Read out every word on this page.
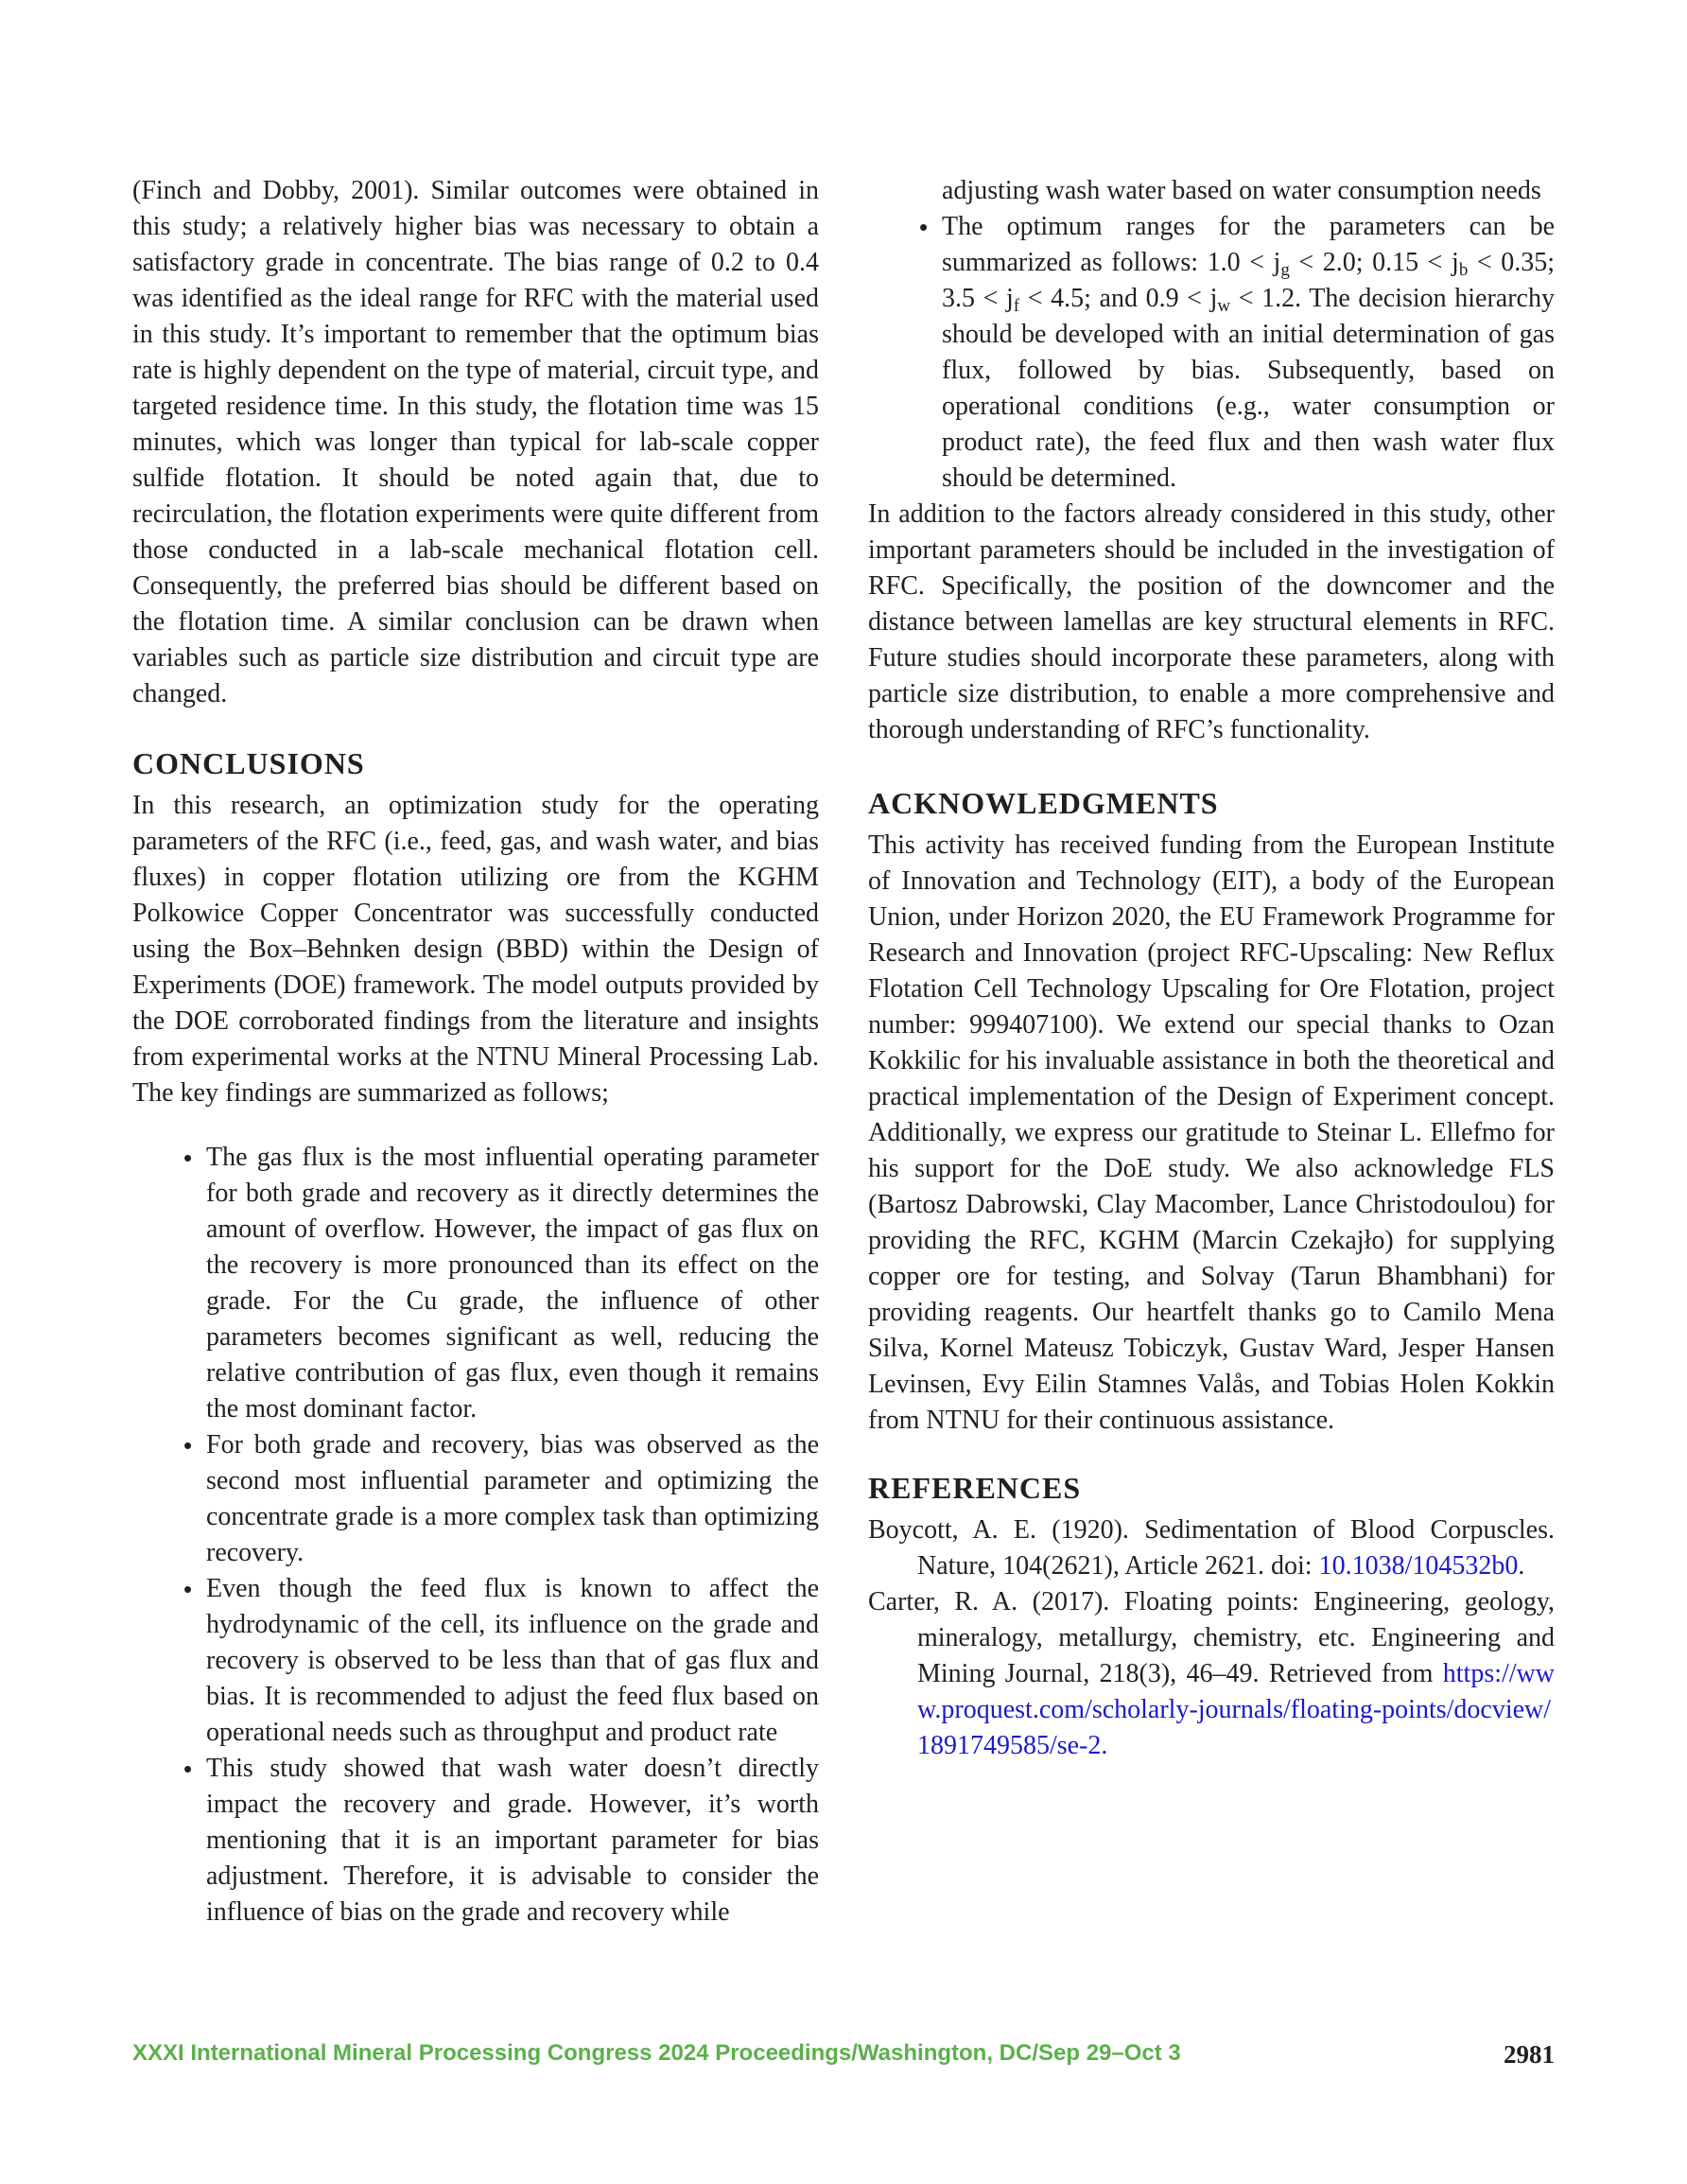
(Finch and Dobby, 2001). Similar outcomes were obtained in this study; a relatively higher bias was necessary to obtain a satisfactory grade in concentrate. The bias range of 0.2 to 0.4 was identified as the ideal range for RFC with the material used in this study. It’s important to remember that the optimum bias rate is highly dependent on the type of material, circuit type, and targeted residence time. In this study, the flotation time was 15 minutes, which was longer than typical for lab-scale copper sulfide flotation. It should be noted again that, due to recirculation, the flotation experiments were quite different from those conducted in a lab-scale mechanical flotation cell. Consequently, the preferred bias should be different based on the flotation time. A similar conclusion can be drawn when variables such as particle size distribution and circuit type are changed.

CONCLUSIONS

In this research, an optimization study for the operating parameters of the RFC (i.e., feed, gas, and wash water, and bias fluxes) in copper flotation utilizing ore from the KGHM Polkowice Copper Concentrator was successfully conducted using the Box–Behnken design (BBD) within the Design of Experiments (DOE) framework. The model outputs provided by the DOE corroborated findings from the literature and insights from experimental works at the NTNU Mineral Processing Lab. The key findings are summarized as follows;

• The gas flux is the most influential operating parameter for both grade and recovery as it directly determines the amount of overflow. However, the impact of gas flux on the recovery is more pronounced than its effect on the grade. For the Cu grade, the influence of other parameters becomes significant as well, reducing the relative contribution of gas flux, even though it remains the most dominant factor.
• For both grade and recovery, bias was observed as the second most influential parameter and optimizing the concentrate grade is a more complex task than optimizing recovery.
• Even though the feed flux is known to affect the hydrodynamic of the cell, its influence on the grade and recovery is observed to be less than that of gas flux and bias. It is recommended to adjust the feed flux based on operational needs such as throughput and product rate
• This study showed that wash water doesn’t directly impact the recovery and grade. However, it’s worth mentioning that it is an important parameter for bias adjustment. Therefore, it is advisable to consider the influence of bias on the grade and recovery while

adjusting wash water based on water consumption needs

• The optimum ranges for the parameters can be summarized as follows: $1.0 < j_g < 2.0$; $0.15 < j_b < 0.35$; $3.5 < j_f < 4.5$; and $0.9 < j_w < 1.2$. The decision hierarchy should be developed with an initial determination of gas flux, followed by bias. Subsequently, based on operational conditions (e.g., water consumption or product rate), the feed flux and then wash water flux should be determined.

In addition to the factors already considered in this study, other important parameters should be included in the investigation of RFC. Specifically, the position of the downcomer and the distance between lamellas are key structural elements in RFC. Future studies should incorporate these parameters, along with particle size distribution, to enable a more comprehensive and thorough understanding of RFC’s functionality.

ACKNOWLEDGMENTS

This activity has received funding from the European Institute of Innovation and Technology (EIT), a body of the European Union, under Horizon 2020, the EU Framework Programme for Research and Innovation (project RFC-Upscaling: New Reflux Flotation Cell Technology Upscaling for Ore Flotation, project number: 999407100). We extend our special thanks to Ozan Kokkilic for his invaluable assistance in both the theoretical and practical implementation of the Design of Experiment concept. Additionally, we express our gratitude to Steinar L. Ellefmo for his support for the DoE study. We also acknowledge FLS (Bartosz Dabrowski, Clay Macomber, Lance Christodoulou) for providing the RFC, KGHM (Marcin Czekajło) for supplying copper ore for testing, and Solvay (Tarun Bhambhani) for providing reagents. Our heartfelt thanks go to Camilo Mena Silva, Kornel Mateusz Tobiczyk, Gustav Ward, Jesper Hansen Levinsen, Evy Eilin Stamnes Valås, and Tobias Holen Kokkin from NTNU for their continuous assistance.

REFERENCES

Boycott, A. E. (1920). Sedimentation of Blood Corpuscles. Nature, 104(2621), Article 2621. doi: 10.1038/104532b0.

Carter, R. A. (2017). Floating points: Engineering, geology, mineralogy, metallurgy, chemistry, etc. Engineering and Mining Journal, 218(3), 46–49. Retrieved from https://www.proquest.com/scholarly-journals/floating-points/docview/1891749585/se-2.

XXXI International Mineral Processing Congress 2024 Proceedings/Washington, DC/Sep 29–Oct 3	2981
